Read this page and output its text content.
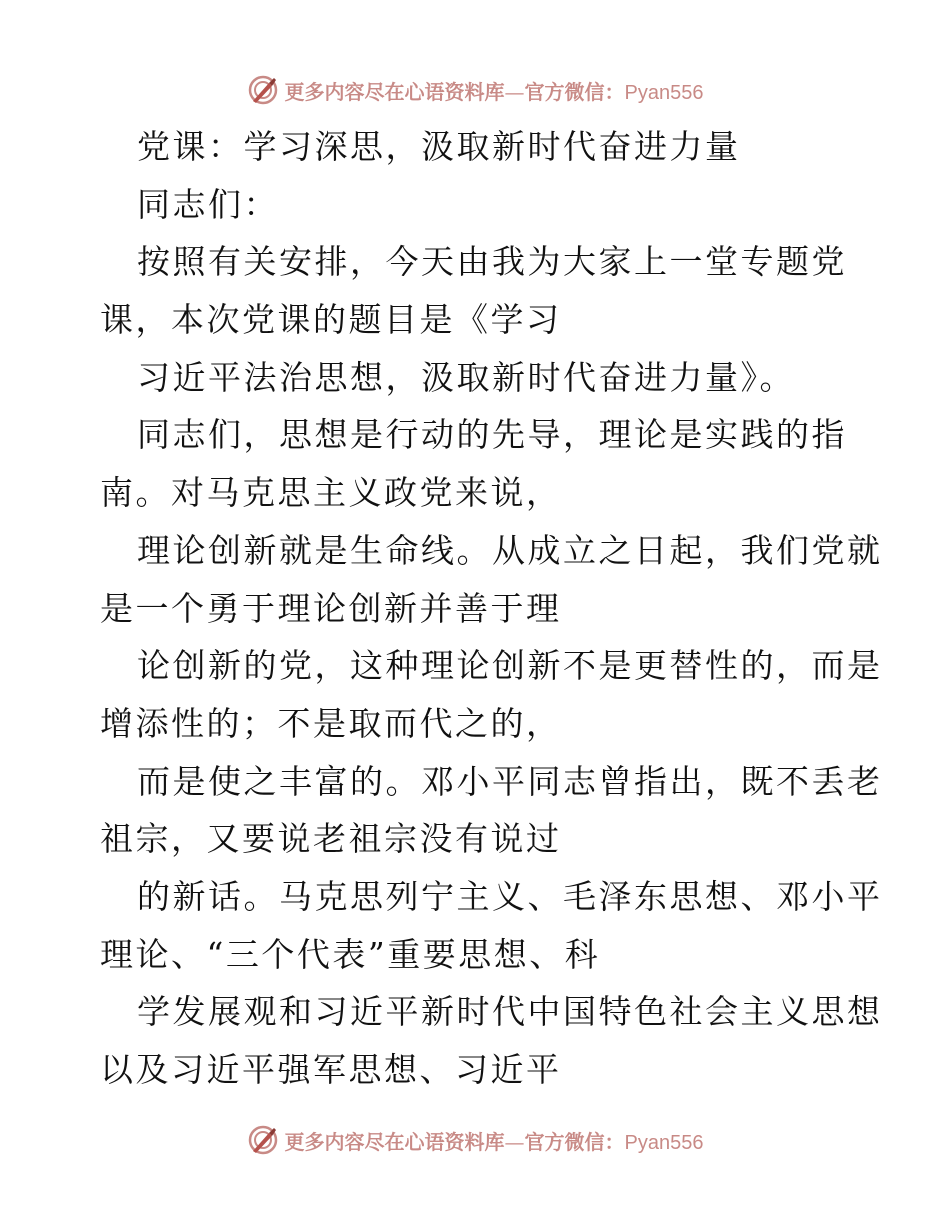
更多内容尽在心语资料库—官方微信：Pyan556
党课：学习深思，汲取新时代奋进力量
同志们：
按照有关安排，今天由我为大家上一堂专题党
课，本次党课的题目是《学习
习近平法治思想，汲取新时代奋进力量》。
同志们，思想是行动的先导，理论是实践的指
南。对马克思主义政党来说，
理论创新就是生命线。从成立之日起，我们党就
是一个勇于理论创新并善于理
论创新的党，这种理论创新不是更替性的，而是
增添性的；不是取而代之的，
而是使之丰富的。邓小平同志曾指出，既不丢老
祖宗，又要说老祖宗没有说过
的新话。马克思列宁主义、毛泽东思想、邓小平
理论、“三个代表”重要思想、科
学发展观和习近平新时代中国特色社会主义思想
以及习近平强军思想、习近平
更多内容尽在心语资料库—官方微信：Pyan556
